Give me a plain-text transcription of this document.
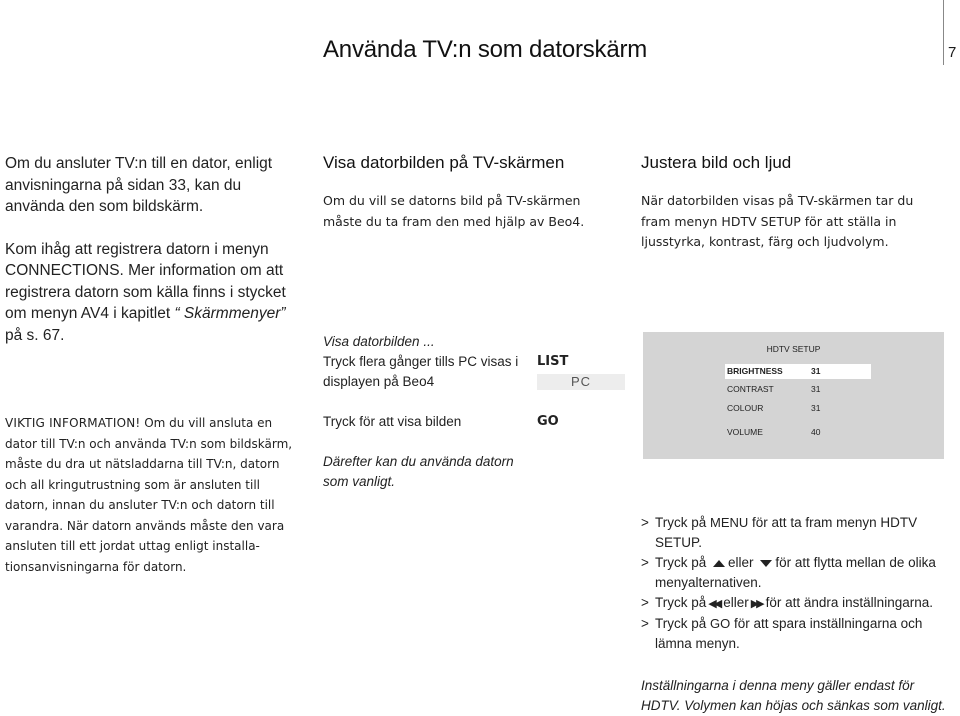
Använda TV:n som datorskärm	7

Om du ansluter TV:n till en dator, enligt anvisningarna på sidan 33, kan du använda den som bildskärm.

Kom ihåg att registrera datorn i menyn CONNECTIONS. Mer information om att registrera datorn som källa finns i stycket om menyn AV4 i kapitlet “ Skärmmenyer” på s. 67.

VIKTIG INFORMATION! Om du vill ansluta en dator till TV:n och använda TV:n som bildskärm, måste du dra ut nätsladdarna till TV:n, datorn och all kringutrustning som är ansluten till datorn, innan du ansluter TV:n och datorn till varandra. När datorn används måste den vara ansluten till ett jordat uttag enligt installa- tionsanvisningarna för datorn.
Visa datorbilden på TV-skärmen
Om du vill se datorns bild på TV-skärmen måste du ta fram den med hjälp av Beo4.
Visa datorbilden ...
Tryck flera gånger tills PC visas i displayen på Beo4
LIST
PC
Tryck för att visa bilden	GO
Därefter kan du använda datorn som vanligt.
Justera bild och ljud
När datorbilden visas på TV-skärmen tar du fram menyn HDTV SETUP för att ställa in ljusstyrka, kontrast, färg och ljudvolym.
HDTV SETUP
BRIGHTNESS	31
CONTRAST	31
COLOUR	31
VOLUME	40
> Tryck på MENU för att ta fram menyn HDTV SETUP.
> Tryck på eller för att flytta mellan de olika menyalternativen.
> Tryck på ◀◀ eller ▶▶ för att ändra inställningarna.
> Tryck på GO för att spara inställningarna och lämna menyn.
Inställningarna i denna meny gäller endast för HDTV. Volymen kan höjas och sänkas som vanligt.
